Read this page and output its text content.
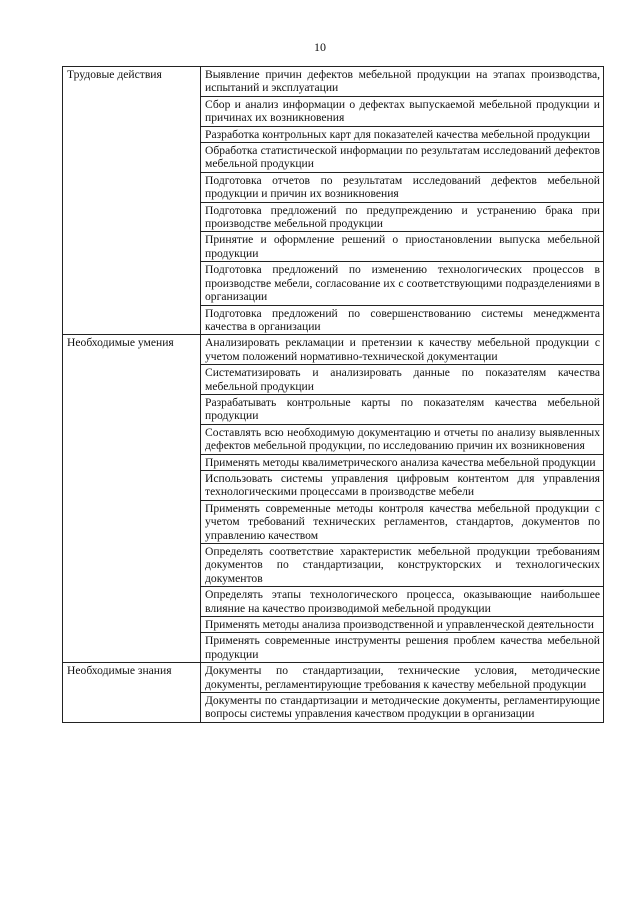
10
Трудовые действия	Выявление причин дефектов мебельной продукции на этапах производства, испытаний и эксплуатации
	Сбор и анализ информации о дефектах выпускаемой мебельной продукции и причинах их возникновения
	Разработка контрольных карт для показателей качества мебельной продукции
	Обработка статистической информации по результатам исследований дефектов мебельной продукции
	Подготовка отчетов по результатам исследований дефектов мебельной продукции и причин их возникновения
	Подготовка предложений по предупреждению и устранению брака при производстве мебельной продукции
	Принятие и оформление решений о приостановлении выпуска мебельной продукции
	Подготовка предложений по изменению технологических процессов в производстве мебели, согласование их с соответствующими подразделениями в организации
	Подготовка предложений по совершенствованию системы менеджмента качества в организации
Необходимые умения	Анализировать рекламации и претензии к качеству мебельной продукции с учетом положений нормативно-технической документации
	Систематизировать и анализировать данные по показателям качества мебельной продукции
	Разрабатывать контрольные карты по показателям качества мебельной продукции
	Составлять всю необходимую документацию и отчеты по анализу выявленных дефектов мебельной продукции, по исследованию причин их возникновения
	Применять методы квалиметрического анализа качества мебельной продукции
	Использовать системы управления цифровым контентом для управления технологическими процессами в производстве мебели
	Применять современные методы контроля качества мебельной продукции с учетом требований технических регламентов, стандартов, документов по управлению качеством
	Определять соответствие характеристик мебельной продукции требованиям документов по стандартизации, конструкторских и технологических документов
	Определять этапы технологического процесса, оказывающие наибольшее влияние на качество производимой мебельной продукции
	Применять методы анализа производственной и управленческой деятельности
	Применять современные инструменты решения проблем качества мебельной продукции
Необходимые знания	Документы по стандартизации, технические условия, методические документы, регламентирующие требования к качеству мебельной продукции
	Документы по стандартизации и методические документы, регламентирующие вопросы системы управления качеством продукции в организации
